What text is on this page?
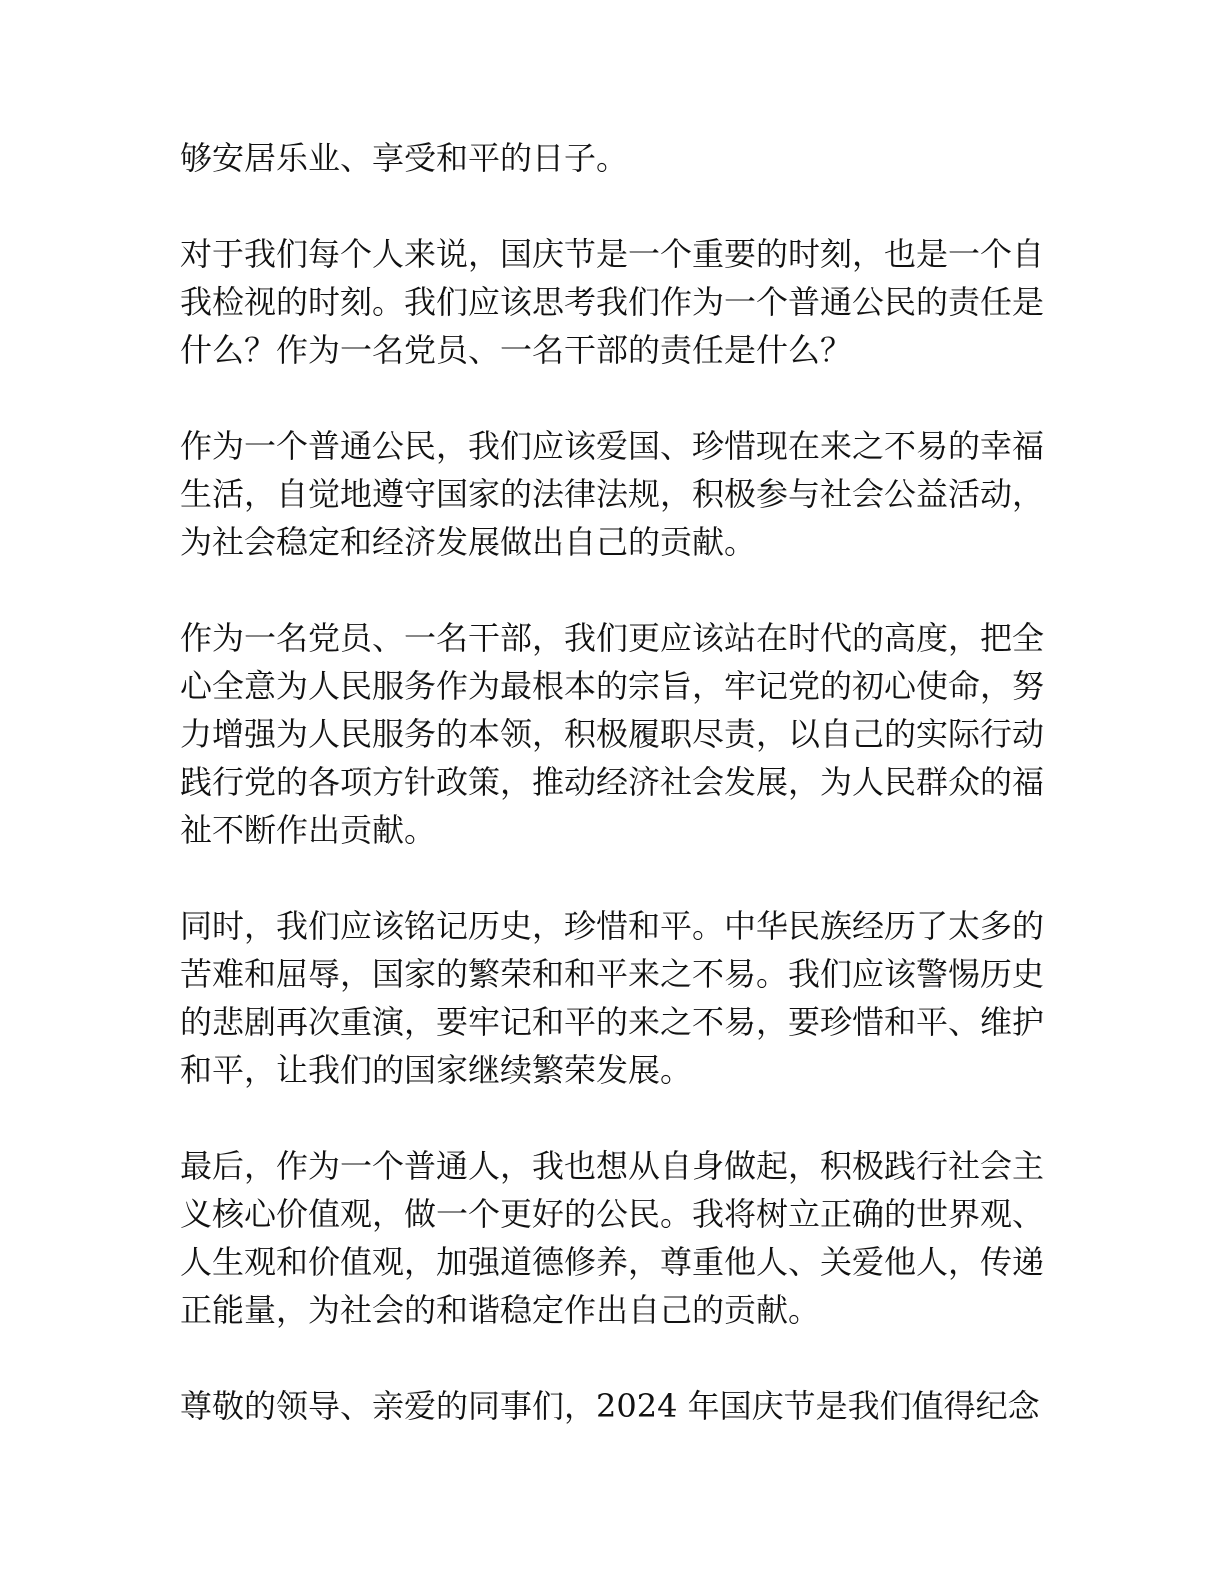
够安居乐业、享受和平的日子。

对于我们每个人来说，国庆节是一个重要的时刻，也是一个自
我检视的时刻。我们应该思考我们作为一个普通公民的责任是
什么？作为一名党员、一名干部的责任是什么？

作为一个普通公民，我们应该爱国、珍惜现在来之不易的幸福
生活，自觉地遵守国家的法律法规，积极参与社会公益活动，
为社会稳定和经济发展做出自己的贡献。

作为一名党员、一名干部，我们更应该站在时代的高度，把全
心全意为人民服务作为最根本的宗旨，牢记党的初心使命，努
力增强为人民服务的本领，积极履职尽责，以自己的实际行动
践行党的各项方针政策，推动经济社会发展，为人民群众的福
祉不断作出贡献。

同时，我们应该铭记历史，珍惜和平。中华民族经历了太多的
苦难和屈辱，国家的繁荣和和平来之不易。我们应该警惕历史
的悲剧再次重演，要牢记和平的来之不易，要珍惜和平、维护
和平，让我们的国家继续繁荣发展。

最后，作为一个普通人，我也想从自身做起，积极践行社会主
义核心价值观，做一个更好的公民。我将树立正确的世界观、
人生观和价值观，加强道德修养，尊重他人、关爱他人，传递
正能量，为社会的和谐稳定作出自己的贡献。

尊敬的领导、亲爱的同事们，2024 年国庆节是我们值得纪念
